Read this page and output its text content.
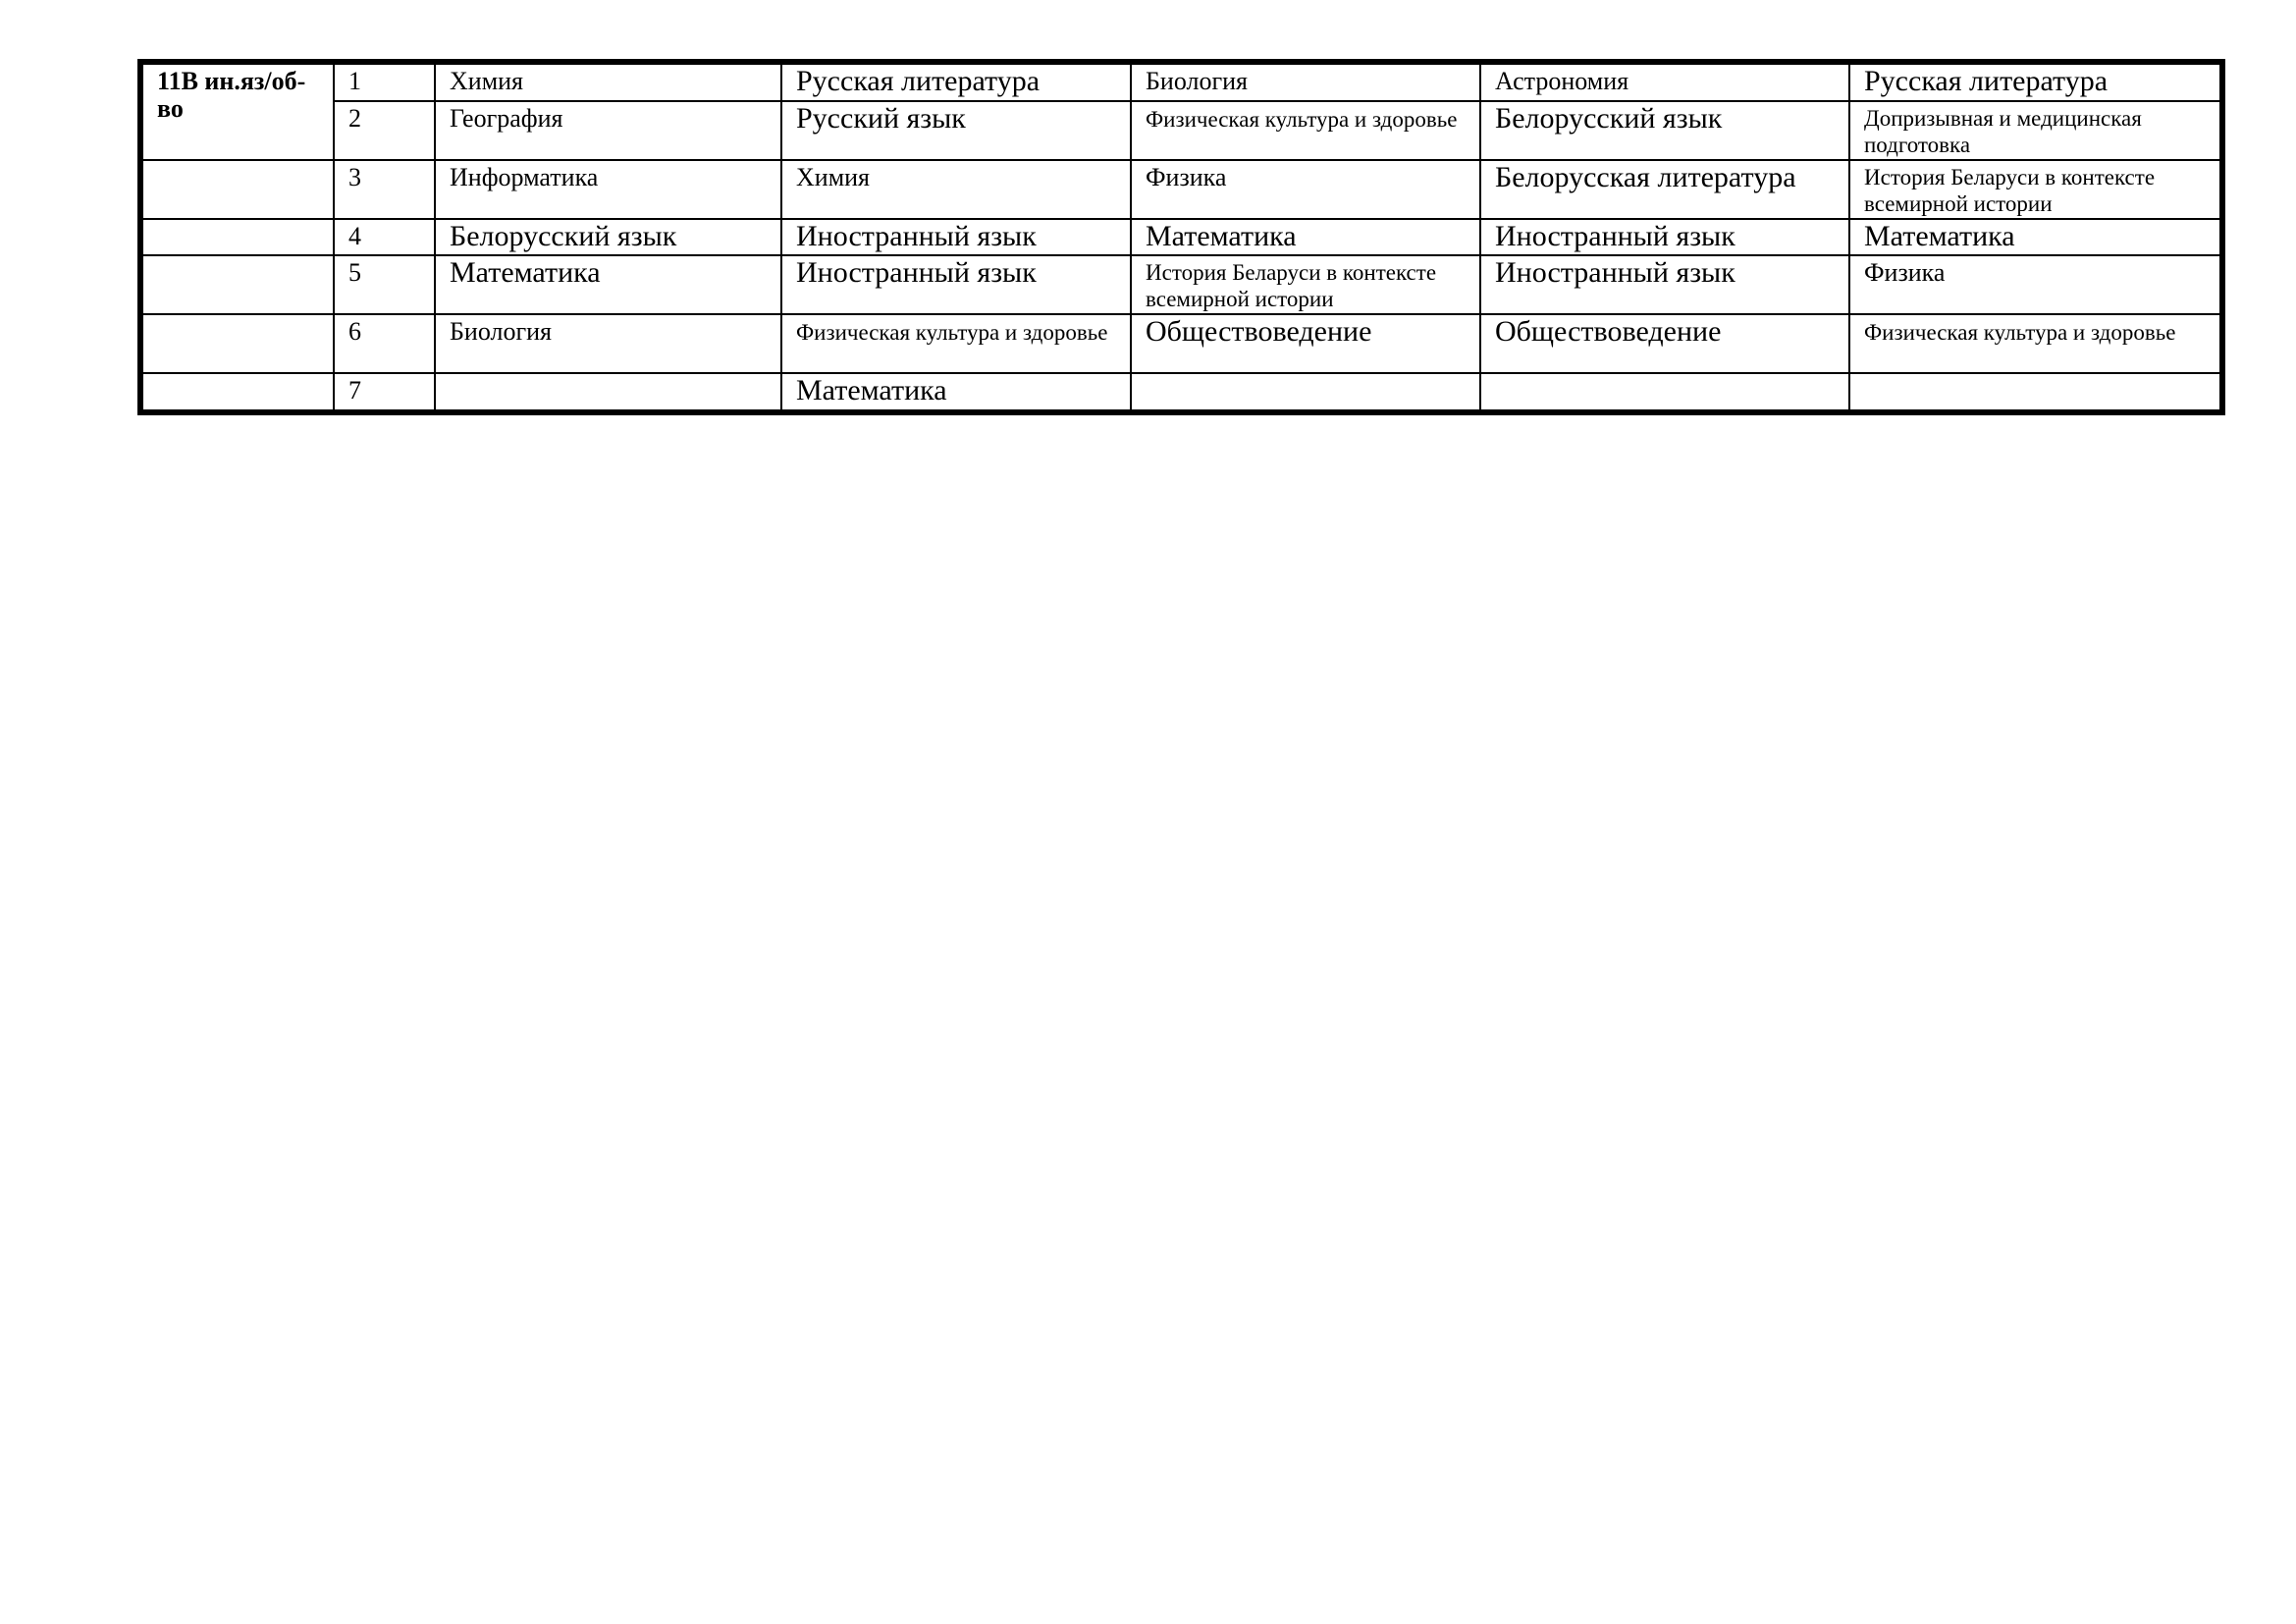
11В ин.яз/об-во	1	Химия	Русская литература	Биология	Астрономия	Русская литература
	2	География	Русский язык	Физическая культура и здоровье	Белорусский язык	Допризывная и медицинская подготовка
	3	Информатика	Химия	Физика	Белорусская литература	История Беларуси в контексте всемирной истории
	4	Белорусский язык	Иностранный язык	Математика	Иностранный язык	Математика
	5	Математика	Иностранный язык	История Беларуси в контексте всемирной истории	Иностранный язык	Физика
	6	Биология	Физическая культура и здоровье	Обществоведение	Обществоведение	Физическая культура и здоровье
	7		Математика			
